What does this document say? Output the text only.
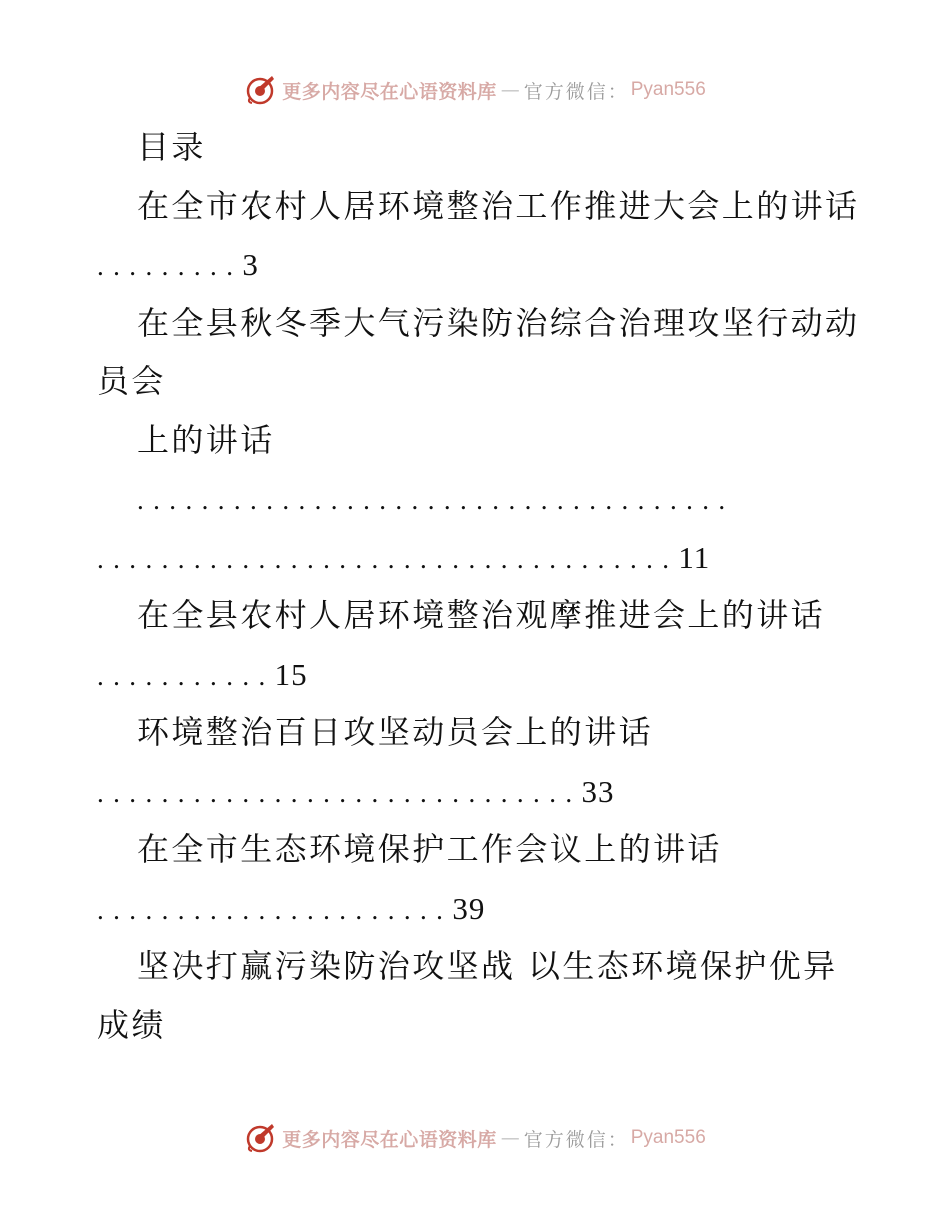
更多内容尽在心语资料库 — 官方微信： Pyan556
目录
在全市农村人居环境整治工作推进大会上的讲话
.........3
在全县秋冬季大气污染防治综合治理攻坚行动动
员会
上的讲话
.....................................
....................................11
在全县农村人居环境整治观摩推进会上的讲话
...........15
环境整治百日攻坚动员会上的讲话
..............................33
在全市生态环境保护工作会议上的讲话
......................39
坚决打赢污染防治攻坚战 以生态环境保护优异
成绩
更多内容尽在心语资料库 — 官方微信： Pyan556
